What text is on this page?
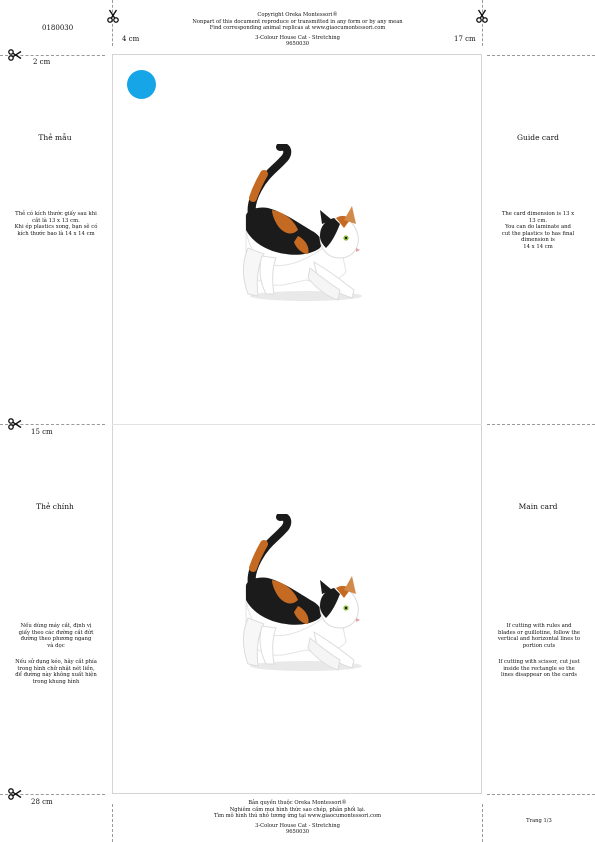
0180030
Copyright Oreka Montessori®
Nonpart of this document reproduce or transmitted in any form or by any mean
Find corresponding animal replicas at www.giaocumontessori.com
3-Colour House Cat - Stretching
9650030
4 cm	17 cm
2 cm
15 cm
28 cm
Thẻ mẫu
Thẻ có kích thước giấy sau khi
cắt là 13 x 13 cm.
Khi ép plastics xong, bạn sẽ có
kích thước bao là 14 x 14 cm
Thẻ chính
Nếu dùng máy cắt, định vị
giấy theo các đường cắt đứt
đường theo phương ngang
và dọc
Nếu sử dụng kéo, hãy cắt phía
trong hình chữ nhật nét liền,
để đường này không xuất hiện
trong khung hình
Guide card
The card dimension is 13 x
13 cm.
You can do laminate and
cut the plastics to has final
dimension is
14 x 14 cm
Main card
If cutting with rules and
blades or guillotine, follow the
vertical and horizontal lines to
portion cuts
If cutting with scissor, cut just
inside the rectangle so the
lines disappear on the cards
Bản quyền thuộc Oreka Montessori®
Nghiêm cấm mọi hình thức sao chép, phân phối lại.
Tìm mô hình thú nhỏ tương ứng tại www.giaocumontessori.com
3-Colour House Cat - Stretching
9650030
Trang 1/3
